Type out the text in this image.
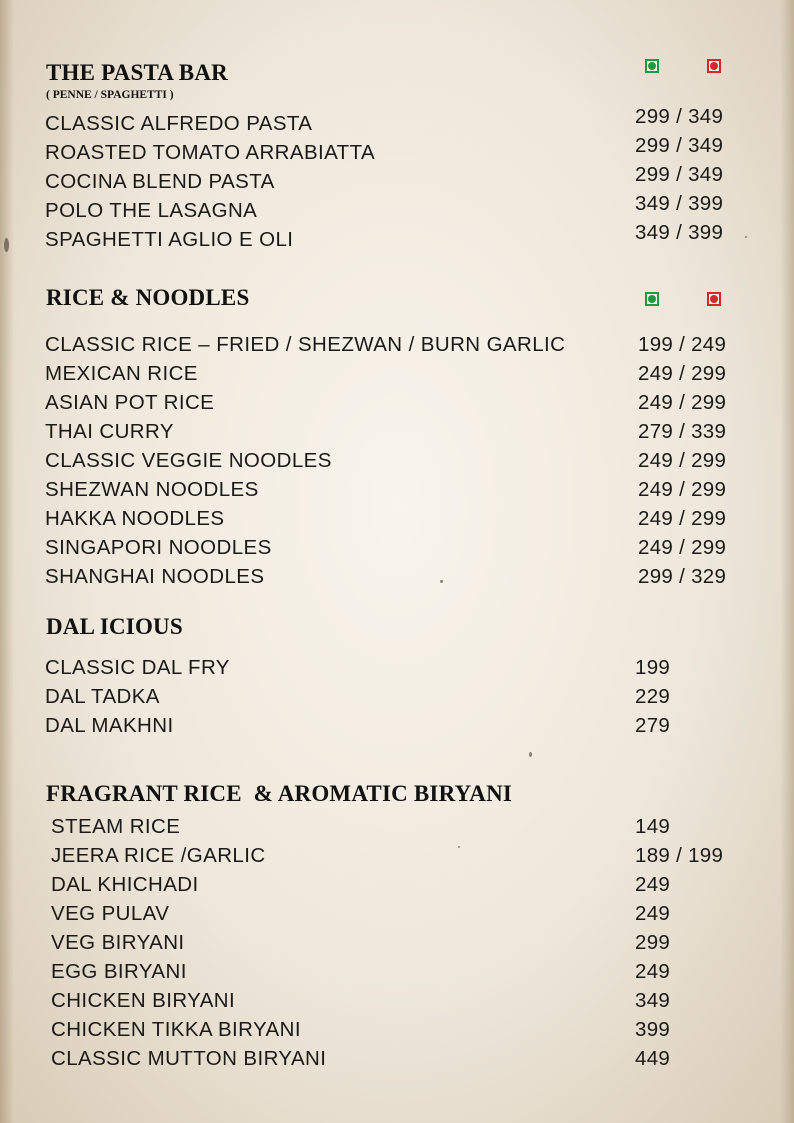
THE PASTA BAR
( PENNE / SPAGHETTI )
CLASSIC ALFREDO PASTA	299 / 349
ROASTED TOMATO ARRABIATTA	299 / 349
COCINA BLEND PASTA	299 / 349
POLO THE LASAGNA	349 / 399
SPAGHETTI AGLIO E OLI	349 / 399
RICE & NOODLES
CLASSIC RICE – FRIED / SHEZWAN / BURN GARLIC	199 / 249
MEXICAN RICE	249 / 299
ASIAN POT RICE	249 / 299
THAI CURRY	279 / 339
CLASSIC VEGGIE NOODLES	249 / 299
SHEZWAN NOODLES	249 / 299
HAKKA NOODLES	249 / 299
SINGAPORI NOODLES	249 / 299
SHANGHAI NOODLES	299 / 329
DAL ICIOUS
CLASSIC DAL FRY	199
DAL TADKA	229
DAL MAKHNI	279
FRAGRANT RICE  & AROMATIC BIRYANI
STEAM RICE	149
JEERA RICE /GARLIC	189 / 199
DAL KHICHADI	249
VEG PULAV	249
VEG BIRYANI	299
EGG BIRYANI	249
CHICKEN BIRYANI	349
CHICKEN TIKKA BIRYANI	399
CLASSIC MUTTON BIRYANI	449
